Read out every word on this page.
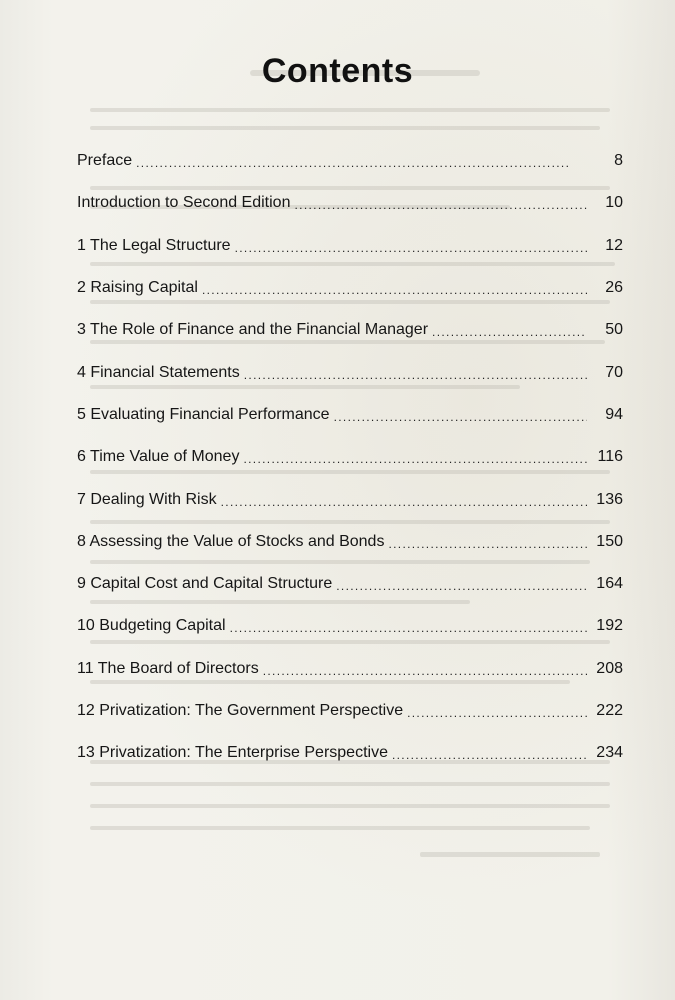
Contents
Preface . . .	8
Introduction to Second Edition . . .	10
1 The Legal Structure . . .	12
2 Raising Capital . . .	26
3 The Role of Finance and the Financial Manager . . .	50
4 Financial Statements . . .	70
5 Evaluating Financial Performance . . .	94
6 Time Value of Money . . .	116
7 Dealing With Risk . . .	136
8 Assessing the Value of Stocks and Bonds . . .	150
9 Capital Cost and Capital Structure . . .	164
10 Budgeting Capital . . .	192
11 The Board of Directors . . .	208
12 Privatization: The Government Perspective . . .	222
13 Privatization: The Enterprise Perspective . . .	234
